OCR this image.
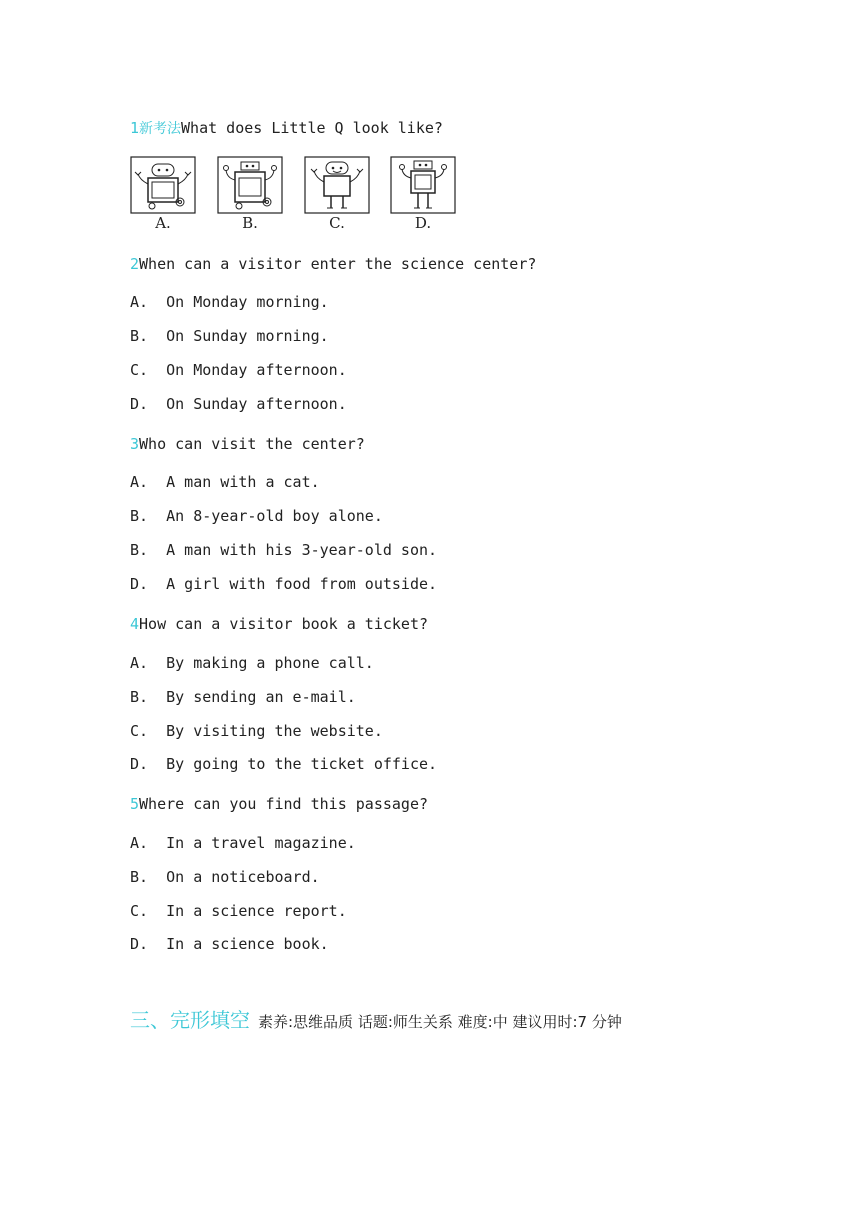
1新考法What does Little Q look like?
A.	B.	C.	D.
2When can a visitor enter the science center?
A.  On Monday morning.
B.  On Sunday morning.
C.  On Monday afternoon.
D.  On Sunday afternoon.
3Who can visit the center?
A.  A man with a cat.
B.  An 8-year-old boy alone.
B.  A man with his 3-year-old son.
D.  A girl with food from outside.
4How can a visitor book a ticket?
A.  By making a phone call.
B.  By sending an e-mail.
C.  By visiting the website.
D.  By going to the ticket office.
5Where can you find this passage?
A.  In a travel magazine.
B.  On a noticeboard.
C.  In a science report.
D.  In a science book.
三、完形填空 素养:思维品质 话题:师生关系 难度:中 建议用时:7 分钟
